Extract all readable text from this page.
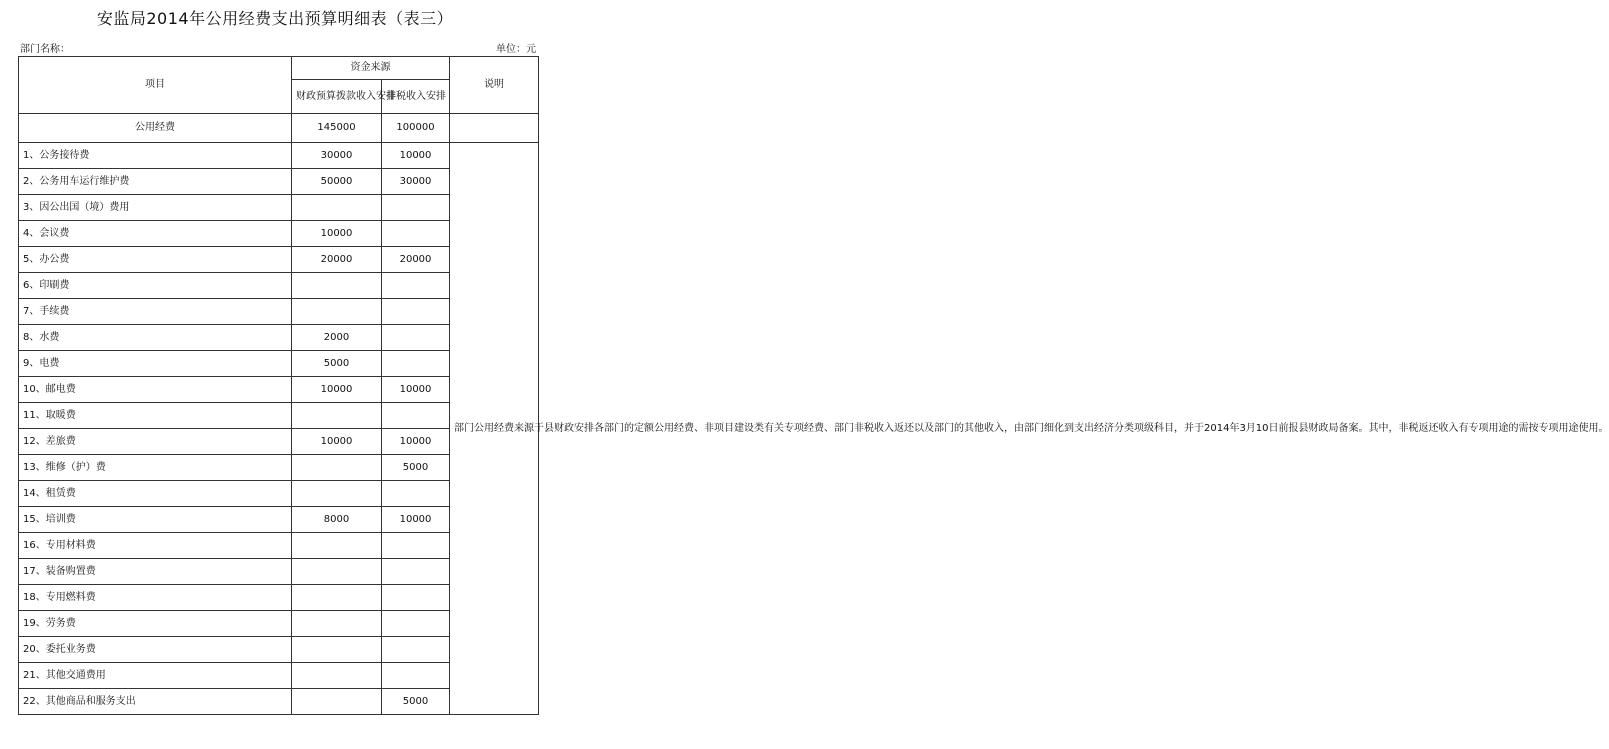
安监局2014年公用经费支出预算明细表（表三）
部门名称：	单位：元
项目	资金来源		说明
	财政预算拨款收入安排	非税收入安排	
公用经费	145000	100000	
1、公务接待费	30000	10000	部门公用经费来源于县财政安排各部门的定额公用经费、非项目建设类有关专项经费、部门非税收入返还以及部门的其他收入，由部门细化到支出经济分类项级科目，并于2014年3月10日前报县财政局备案。其中，非税返还收入有专项用途的需按专项用途使用。
2、公务用车运行维护费	50000	30000	
3、因公出国（境）费用			
4、会议费	10000		
5、办公费	20000	20000	
6、印刷费			
7、手续费			
8、水费	2000		
9、电费	5000		
10、邮电费	10000	10000	
11、取暖费			
12、差旅费	10000	10000	
13、维修（护）费		5000	
14、租赁费			
15、培训费	8000	10000	
16、专用材料费			
17、装备购置费			
18、专用燃料费			
19、劳务费			
20、委托业务费			
21、其他交通费用			
22、其他商品和服务支出		5000	
